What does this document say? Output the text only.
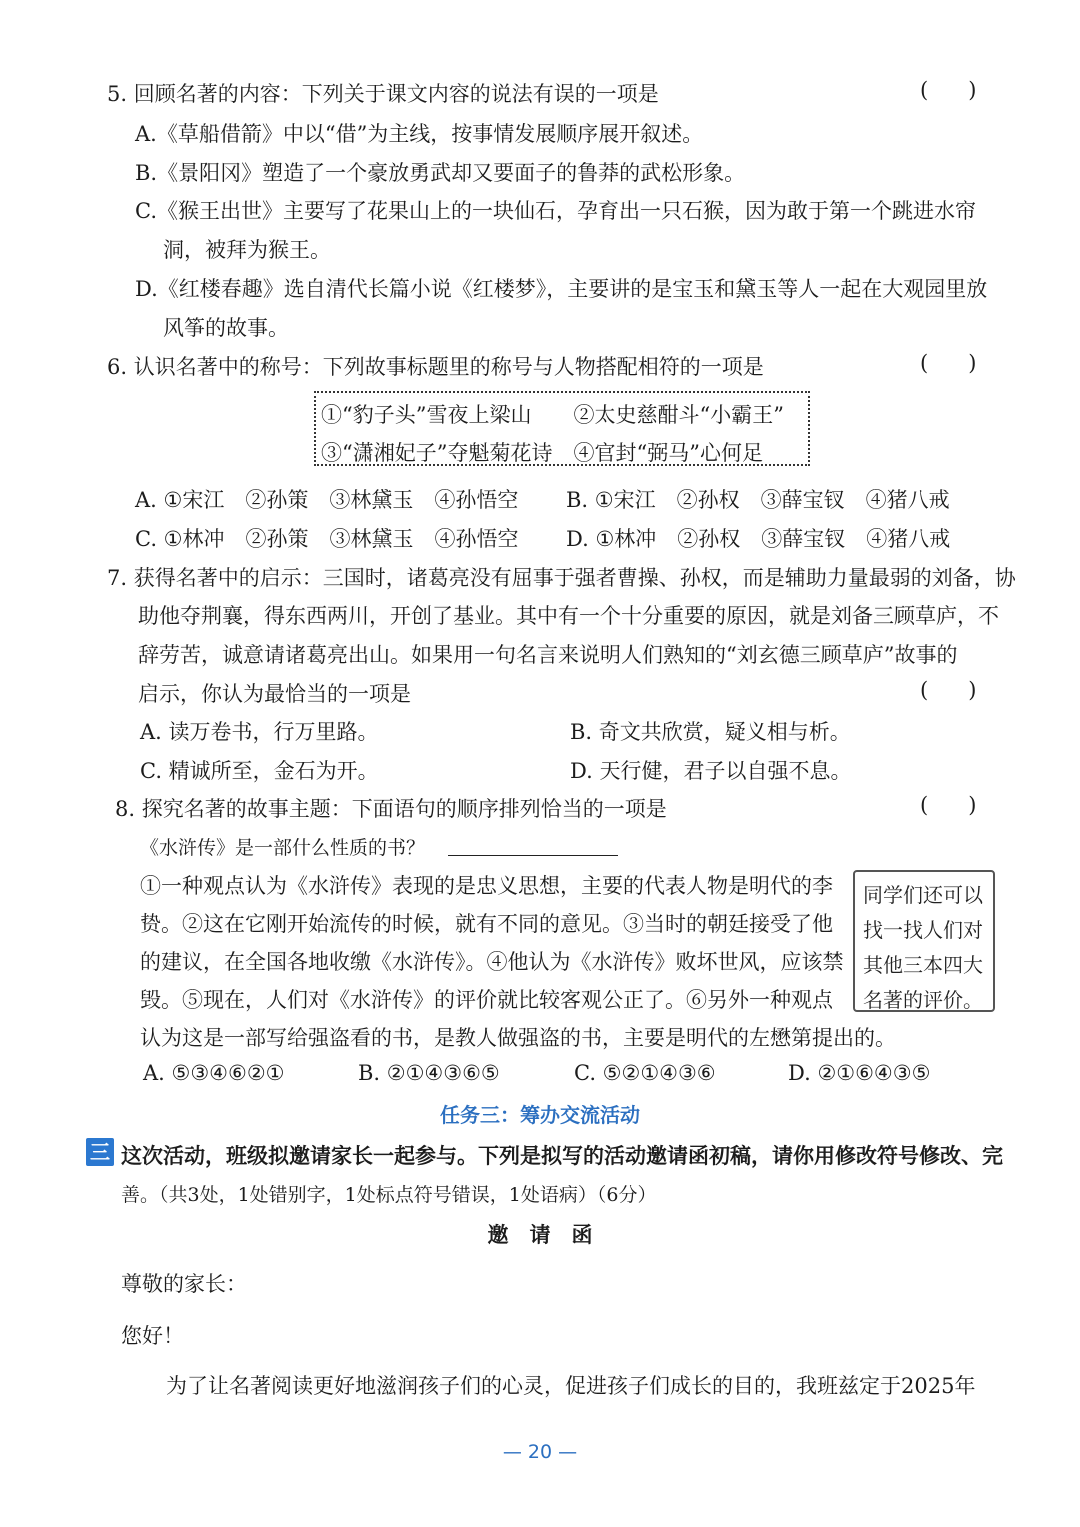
5. 回顾名著的内容：下列关于课文内容的说法有误的一项是	(      )
A.《草船借箭》中以“借”为主线，按事情发展顺序展开叙述。
B.《景阳冈》塑造了一个豪放勇武却又要面子的鲁莽的武松形象。
C.《猴王出世》主要写了花果山上的一块仙石，孕育出一只石猴，因为敢于第一个跳进水帘
洞，被拜为猴王。
D.《红楼春趣》选自清代长篇小说《红楼梦》，主要讲的是宝玉和黛玉等人一起在大观园里放
风筝的故事。
6. 认识名著中的称号：下列故事标题里的称号与人物搭配相符的一项是	(      )
①“豹子头”雪夜上梁山　　②太史慈酣斗“小霸王”
③“潇湘妃子”夺魁菊花诗　④官封“弼马”心何足
A. ①宋江　②孙策　③林黛玉　④孙悟空 B. ①宋江　②孙权　③薛宝钗　④猪八戒
C. ①林冲　②孙策　③林黛玉　④孙悟空 D. ①林冲　②孙权　③薛宝钗　④猪八戒
7. 获得名著中的启示：三国时，诸葛亮没有屈事于强者曹操、孙权，而是辅助力量最弱的刘备，协
助他夺荆襄，得东西两川，开创了基业。其中有一个十分重要的原因，就是刘备三顾草庐，不
辞劳苦，诚意请诸葛亮出山。如果用一句名言来说明人们熟知的“刘玄德三顾草庐”故事的
启示，你认为最恰当的一项是	(      )
A. 读万卷书，行万里路。	B. 奇文共欣赏，疑义相与析。
C. 精诚所至，金石为开。	D. 天行健，君子以自强不息。
8. 探究名著的故事主题：下面语句的顺序排列恰当的一项是	(      )
《水浒传》是一部什么性质的书？
①一种观点认为《水浒传》表现的是忠义思想，主要的代表人物是明代的李
贽。②这在它刚开始流传的时候，就有不同的意见。③当时的朝廷接受了他
的建议，在全国各地收缴《水浒传》。④他认为《水浒传》败坏世风，应该禁
毁。⑤现在，人们对《水浒传》的评价就比较客观公正了。⑥另外一种观点
认为这是一部写给强盗看的书，是教人做强盗的书，主要是明代的左懋第提出的。
同学们还可以
找一找人们对
其他三本四大
名著的评价。
A. ⑤③④⑥②①	B. ②①④③⑥⑤	C. ⑤②①④③⑥	D. ②①⑥④③⑤
任务三：筹办交流活动
三 这次活动，班级拟邀请家长一起参与。下列是拟写的活动邀请函初稿，请你用修改符号修改、完
善。（共3处，1处错别字，1处标点符号错误，1处语病）（6分）
邀　请　函
尊敬的家长：
您好！
为了让名著阅读更好地滋润孩子们的心灵，促进孩子们成长的目的，我班兹定于2025年
— 20 —
